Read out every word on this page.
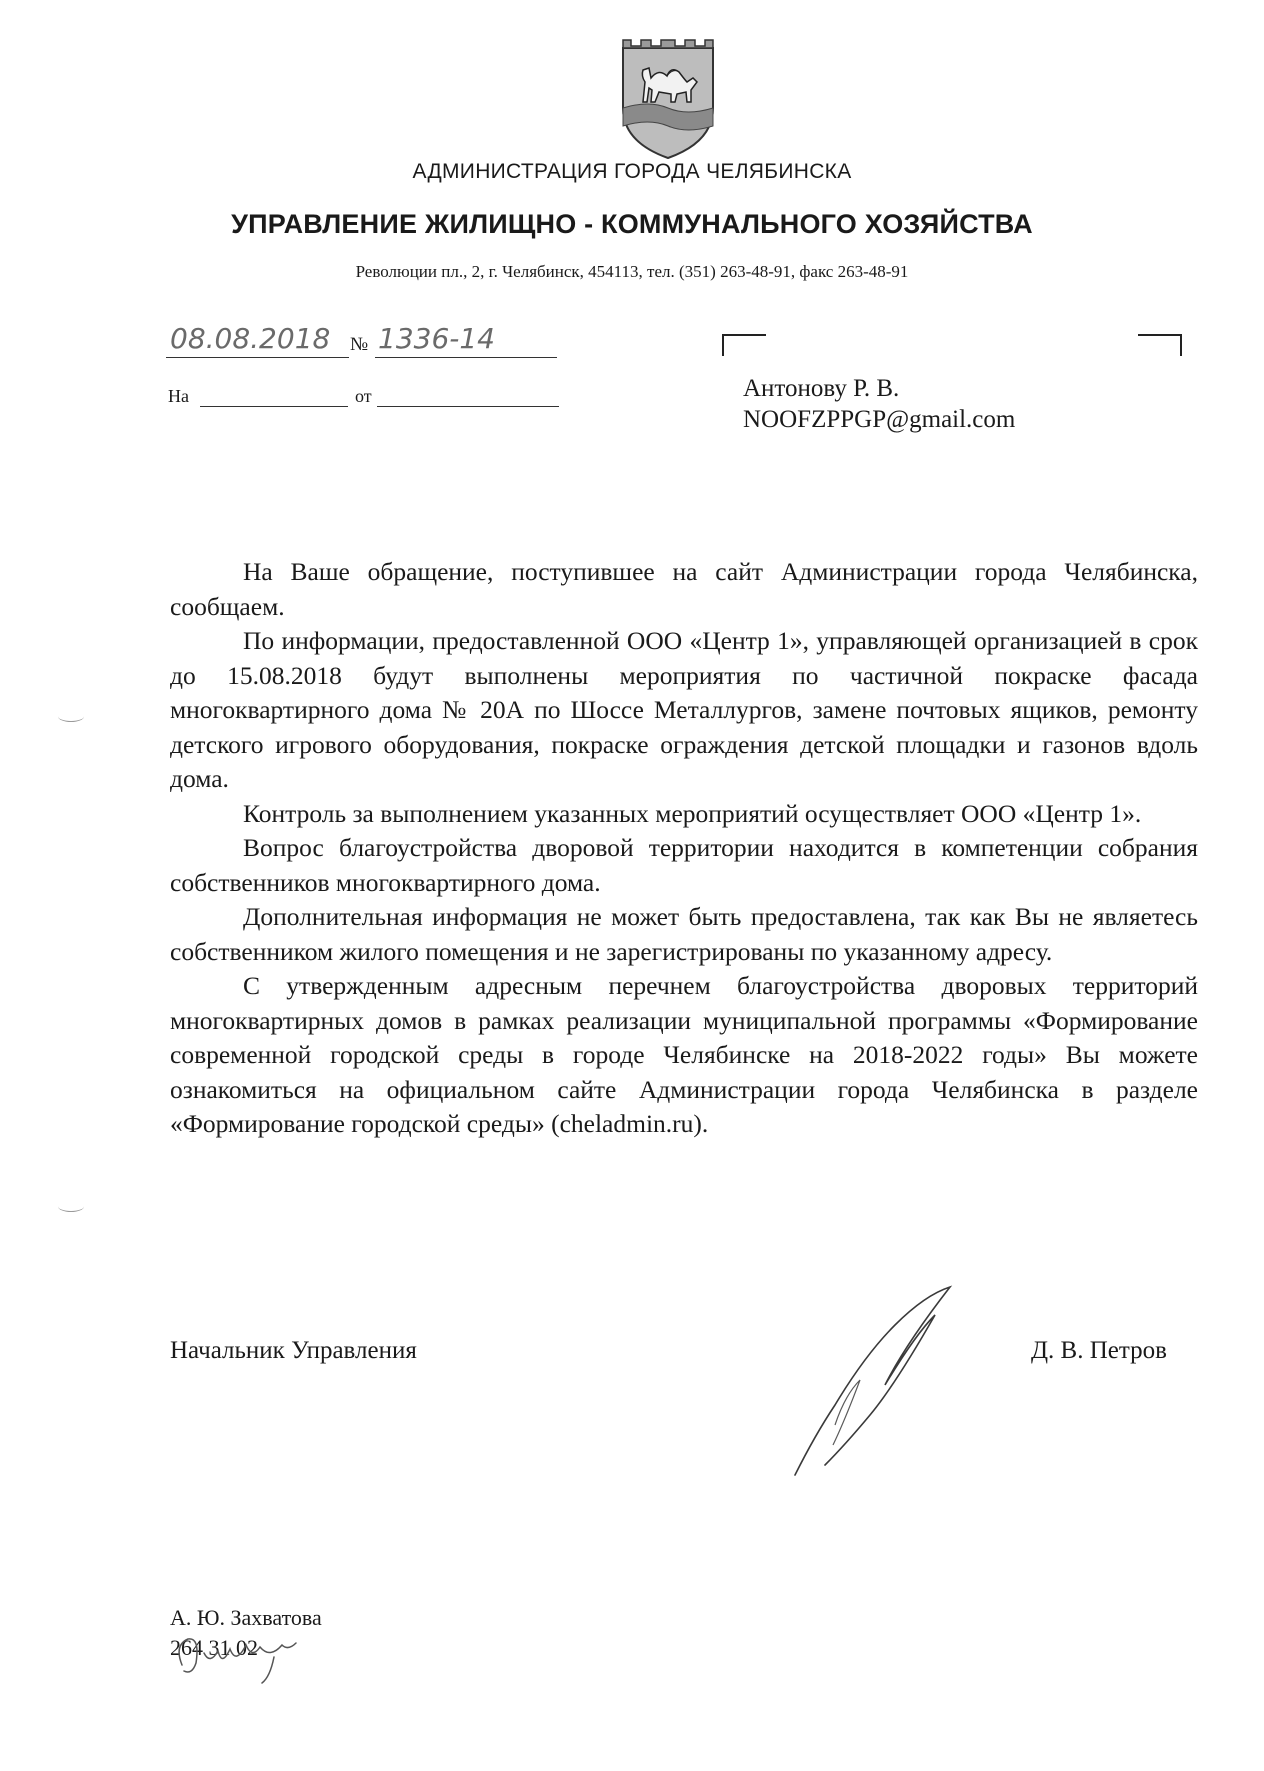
АДМИНИСТРАЦИЯ ГОРОДА ЧЕЛЯБИНСКА
УПРАВЛЕНИЕ ЖИЛИЩНО - КОММУНАЛЬНОГО ХОЗЯЙСТВА
Революции пл., 2, г. Челябинск, 454113, тел. (351) 263-48-91, факс 263-48-91
08.08.2018 № 1336-14
На	от	Антонову Р. В.
NOOFZPPGP@gmail.com

На Ваше обращение, поступившее на сайт Администрации города Челябинска, сообщаем.

По информации, предоставленной ООО «Центр 1», управляющей организацией в срок до 15.08.2018 будут выполнены мероприятия по частичной покраске фасада многоквартирного дома № 20А по Шоссе Металлургов, замене почтовых ящиков, ремонту детского игрового оборудования, покраске ограждения детской площадки и газонов вдоль дома.

Контроль за выполнением указанных мероприятий осуществляет ООО «Центр 1».

Вопрос благоустройства дворовой территории находится в компетенции собрания собственников многоквартирного дома.

Дополнительная информация не может быть предоставлена, так как Вы не являетесь собственником жилого помещения и не зарегистрированы по указанному адресу.

С утвержденным адресным перечнем благоустройства дворовых территорий многоквартирных домов в рамках реализации муниципальной программы «Формирование современной городской среды в городе Челябинске на 2018-2022 годы» Вы можете ознакомиться на официальном сайте Администрации города Челябинска в разделе «Формирование городской среды» (cheladmin.ru).

Начальник Управления	Д. В. Петров
А. Ю. Захватова
264 31 02
